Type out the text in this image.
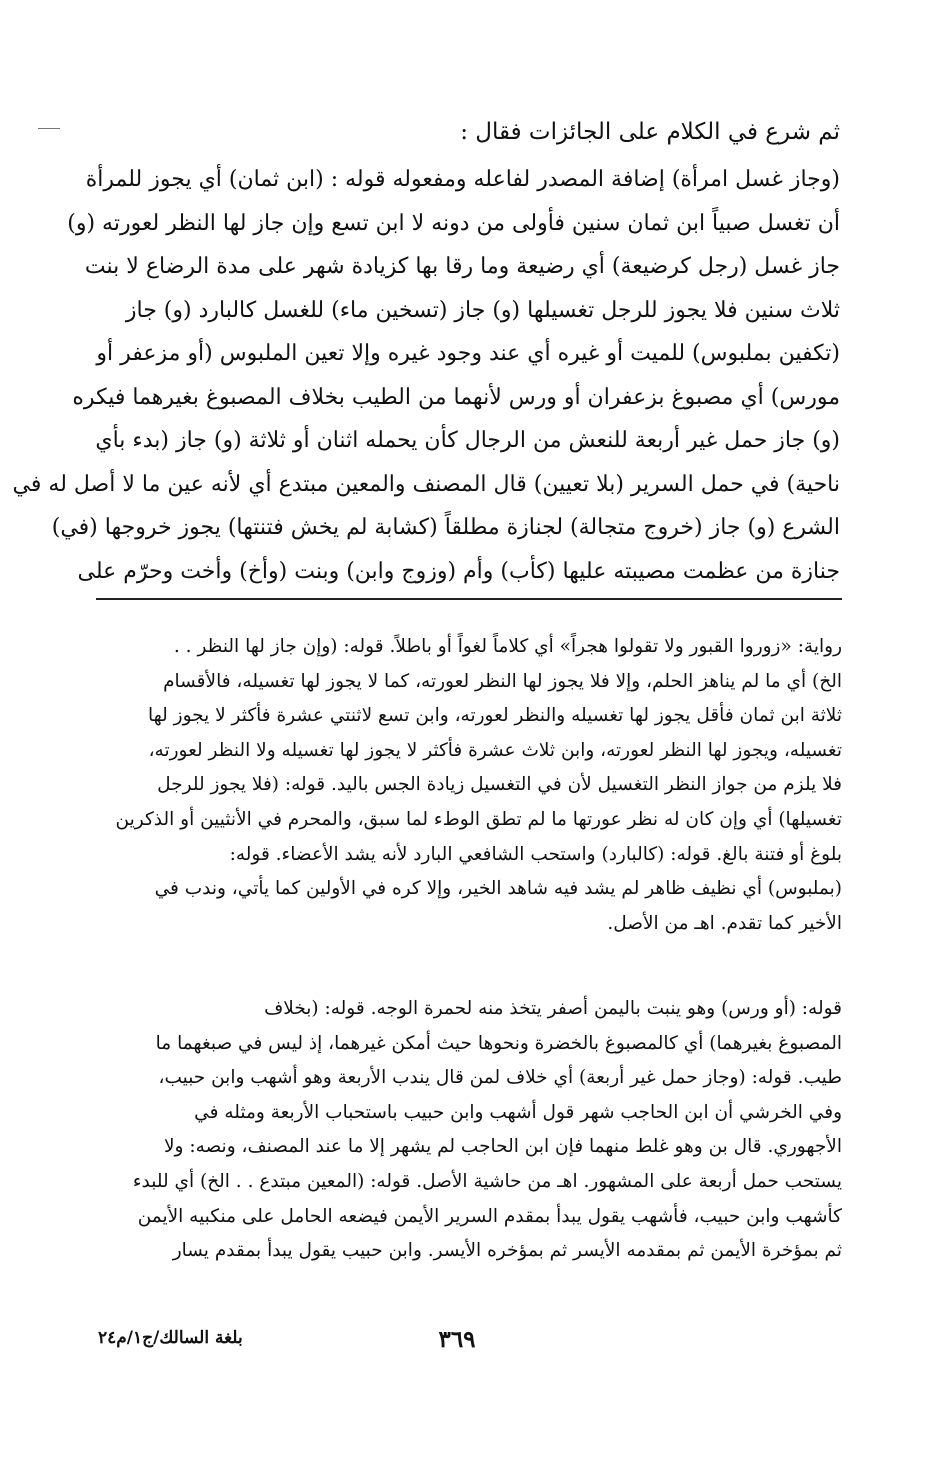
ثم شرع في الكلام على الجائزات فقال :
(وجاز غسل امرأة) إضافة المصدر لفاعله ومفعوله قوله : (ابن ثمان) أي يجوز للمرأة
أن تغسل صبياً ابن ثمان سنين فأولى من دونه لا ابن تسع وإن جاز لها النظر لعورته (و)
جاز غسل (رجل كرضيعة) أي رضيعة وما رقا بها كزيادة شهر على مدة الرضاع لا بنت
ثلاث سنين فلا يجوز للرجل تغسيلها (و) جاز (تسخين ماء) للغسل كالبارد (و) جاز
(تكفين بملبوس) للميت أو غيره أي عند وجود غيره وإلا تعين الملبوس (أو مزعفر أو
مورس) أي مصبوغ بزعفران أو ورس لأنهما من الطيب بخلاف المصبوغ بغيرهما فيكره
(و) جاز حمل غير أربعة للنعش من الرجال كأن يحمله اثنان أو ثلاثة (و) جاز (بدء بأي
ناحية) في حمل السرير (بلا تعيين) قال المصنف والمعين مبتدع أي لأنه عين ما لا أصل له في
الشرع (و) جاز (خروج متجالة) لجنازة مطلقاً (كشابة لم يخش فتنتها) يجوز خروجها (في)
جنازة من عظمت مصيبته عليها (كأب) وأم (وزوج وابن) وبنت (وأخ) وأخت وحرّم على
رواية: «زوروا القبور ولا تقولوا هجراً» أي كلاماً لغواً أو باطلاً. قوله: (وإن جاز لها النظر . .
الخ) أي ما لم يناهز الحلم، وإلا فلا يجوز لها النظر لعورته، كما لا يجوز لها تغسيله، فالأقسام
ثلاثة ابن ثمان فأقل يجوز لها تغسيله والنظر لعورته، وابن تسع لاثنتي عشرة فأكثر لا يجوز لها
تغسيله، ويجوز لها النظر لعورته، وابن ثلاث عشرة فأكثر لا يجوز لها تغسيله ولا النظر لعورته،
فلا يلزم من جواز النظر التغسيل لأن في التغسيل زيادة الجس باليد. قوله: (فلا يجوز للرجل
تغسيلها) أي وإن كان له نظر عورتها ما لم تطق الوطء لما سبق، والمحرم في الأنثيين أو الذكرين
بلوغ أو فتنة بالغ. قوله: (كالبارد) واستحب الشافعي البارد لأنه يشد الأعضاء. قوله:
(بملبوس) أي نظيف ظاهر لم يشد فيه شاهد الخير، وإلا كره في الأولين كما يأتي، وندب في
الأخير كما تقدم. اهـ من الأصل.
قوله: (أو ورس) وهو ينبت باليمن أصفر يتخذ منه لحمرة الوجه. قوله: (بخلاف
المصبوغ بغيرهما) أي كالمصبوغ بالخضرة ونحوها حيث أمكن غيرهما، إذ ليس في صبغهما ما
طيب. قوله: (وجاز حمل غير أربعة) أي خلاف لمن قال يندب الأربعة وهو أشهب وابن حبيب،
وفي الخرشي أن ابن الحاجب شهر قول أشهب وابن حبيب باستحباب الأربعة ومثله في
الأجهوري. قال بن وهو غلط منهما فإن ابن الحاجب لم يشهر إلا ما عند المصنف، ونصه: ولا
يستحب حمل أربعة على المشهور. اهـ من حاشية الأصل. قوله: (المعين مبتدع . . الخ) أي للبدء
كأشهب وابن حبيب، فأشهب يقول يبدأ بمقدم السرير الأيمن فيضعه الحامل على منكبيه الأيمن
ثم بمؤخرة الأيمن ثم بمقدمه الأيسر ثم بمؤخره الأيسر. وابن حبيب يقول يبدأ بمقدم يسار
٣٦٩
بلغة السالك/ج١/م٢٤
